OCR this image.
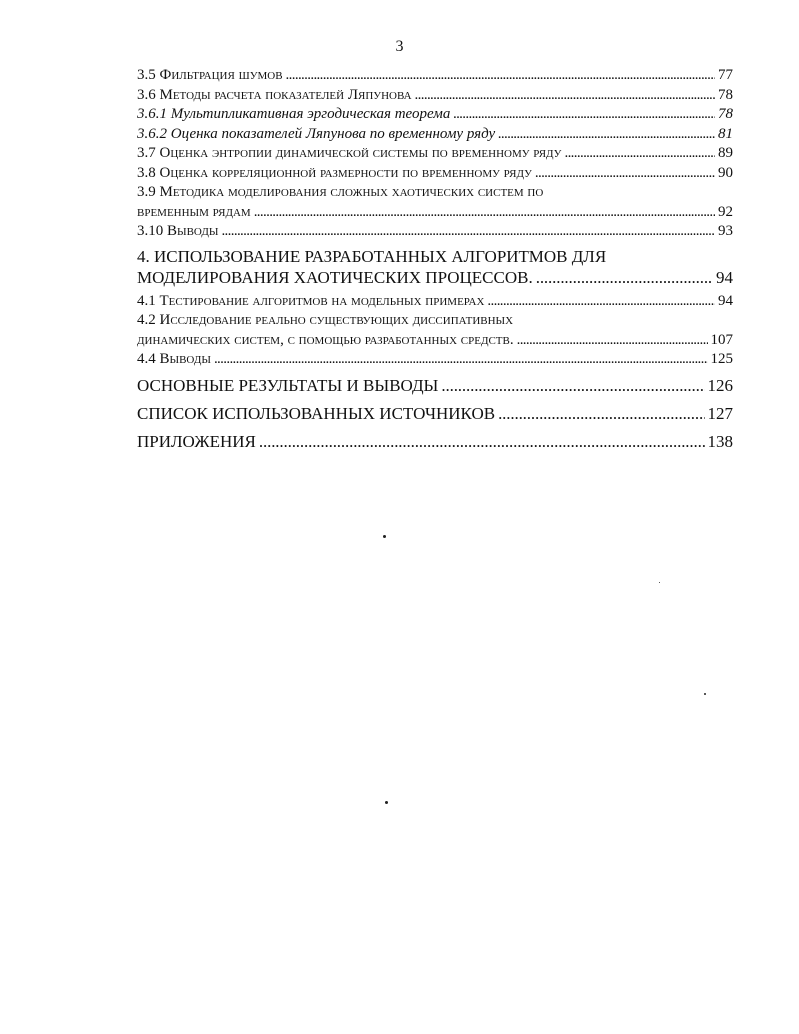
3
3.5 Фильтрация шумов . . .	77
3.6 Методы расчета показателей Ляпунова . . .	78
3.6.1 Мультипликативная эргодическая теорема . . .	78
3.6.2 Оценка показателей Ляпунова по временному ряду . . .	81
3.7 Оценка энтропии динамической системы по временному ряду . . .	89
3.8 Оценка корреляционной размерности по временному ряду . . .	90
3.9 Методика моделирования сложных хаотических систем по
временным рядам . . .	92
3.10 Выводы . . .	93
4. ИСПОЛЬЗОВАНИЕ РАЗРАБОТАННЫХ АЛГОРИТМОВ ДЛЯ
МОДЕЛИРОВАНИЯ ХАОТИЧЕСКИХ ПРОЦЕССОВ. . . .	94
4.1 Тестирование алгоритмов на модельных примерах . . .	94
4.2 Исследование реально существующих диссипативных
динамических систем, с помощью разработанных средств. . . .	107
4.4 Выводы . . .	125
ОСНОВНЫЕ РЕЗУЛЬТАТЫ И ВЫВОДЫ . . .	126
СПИСОК ИСПОЛЬЗОВАННЫХ ИСТОЧНИКОВ . . .	127
ПРИЛОЖЕНИЯ . . .	138
